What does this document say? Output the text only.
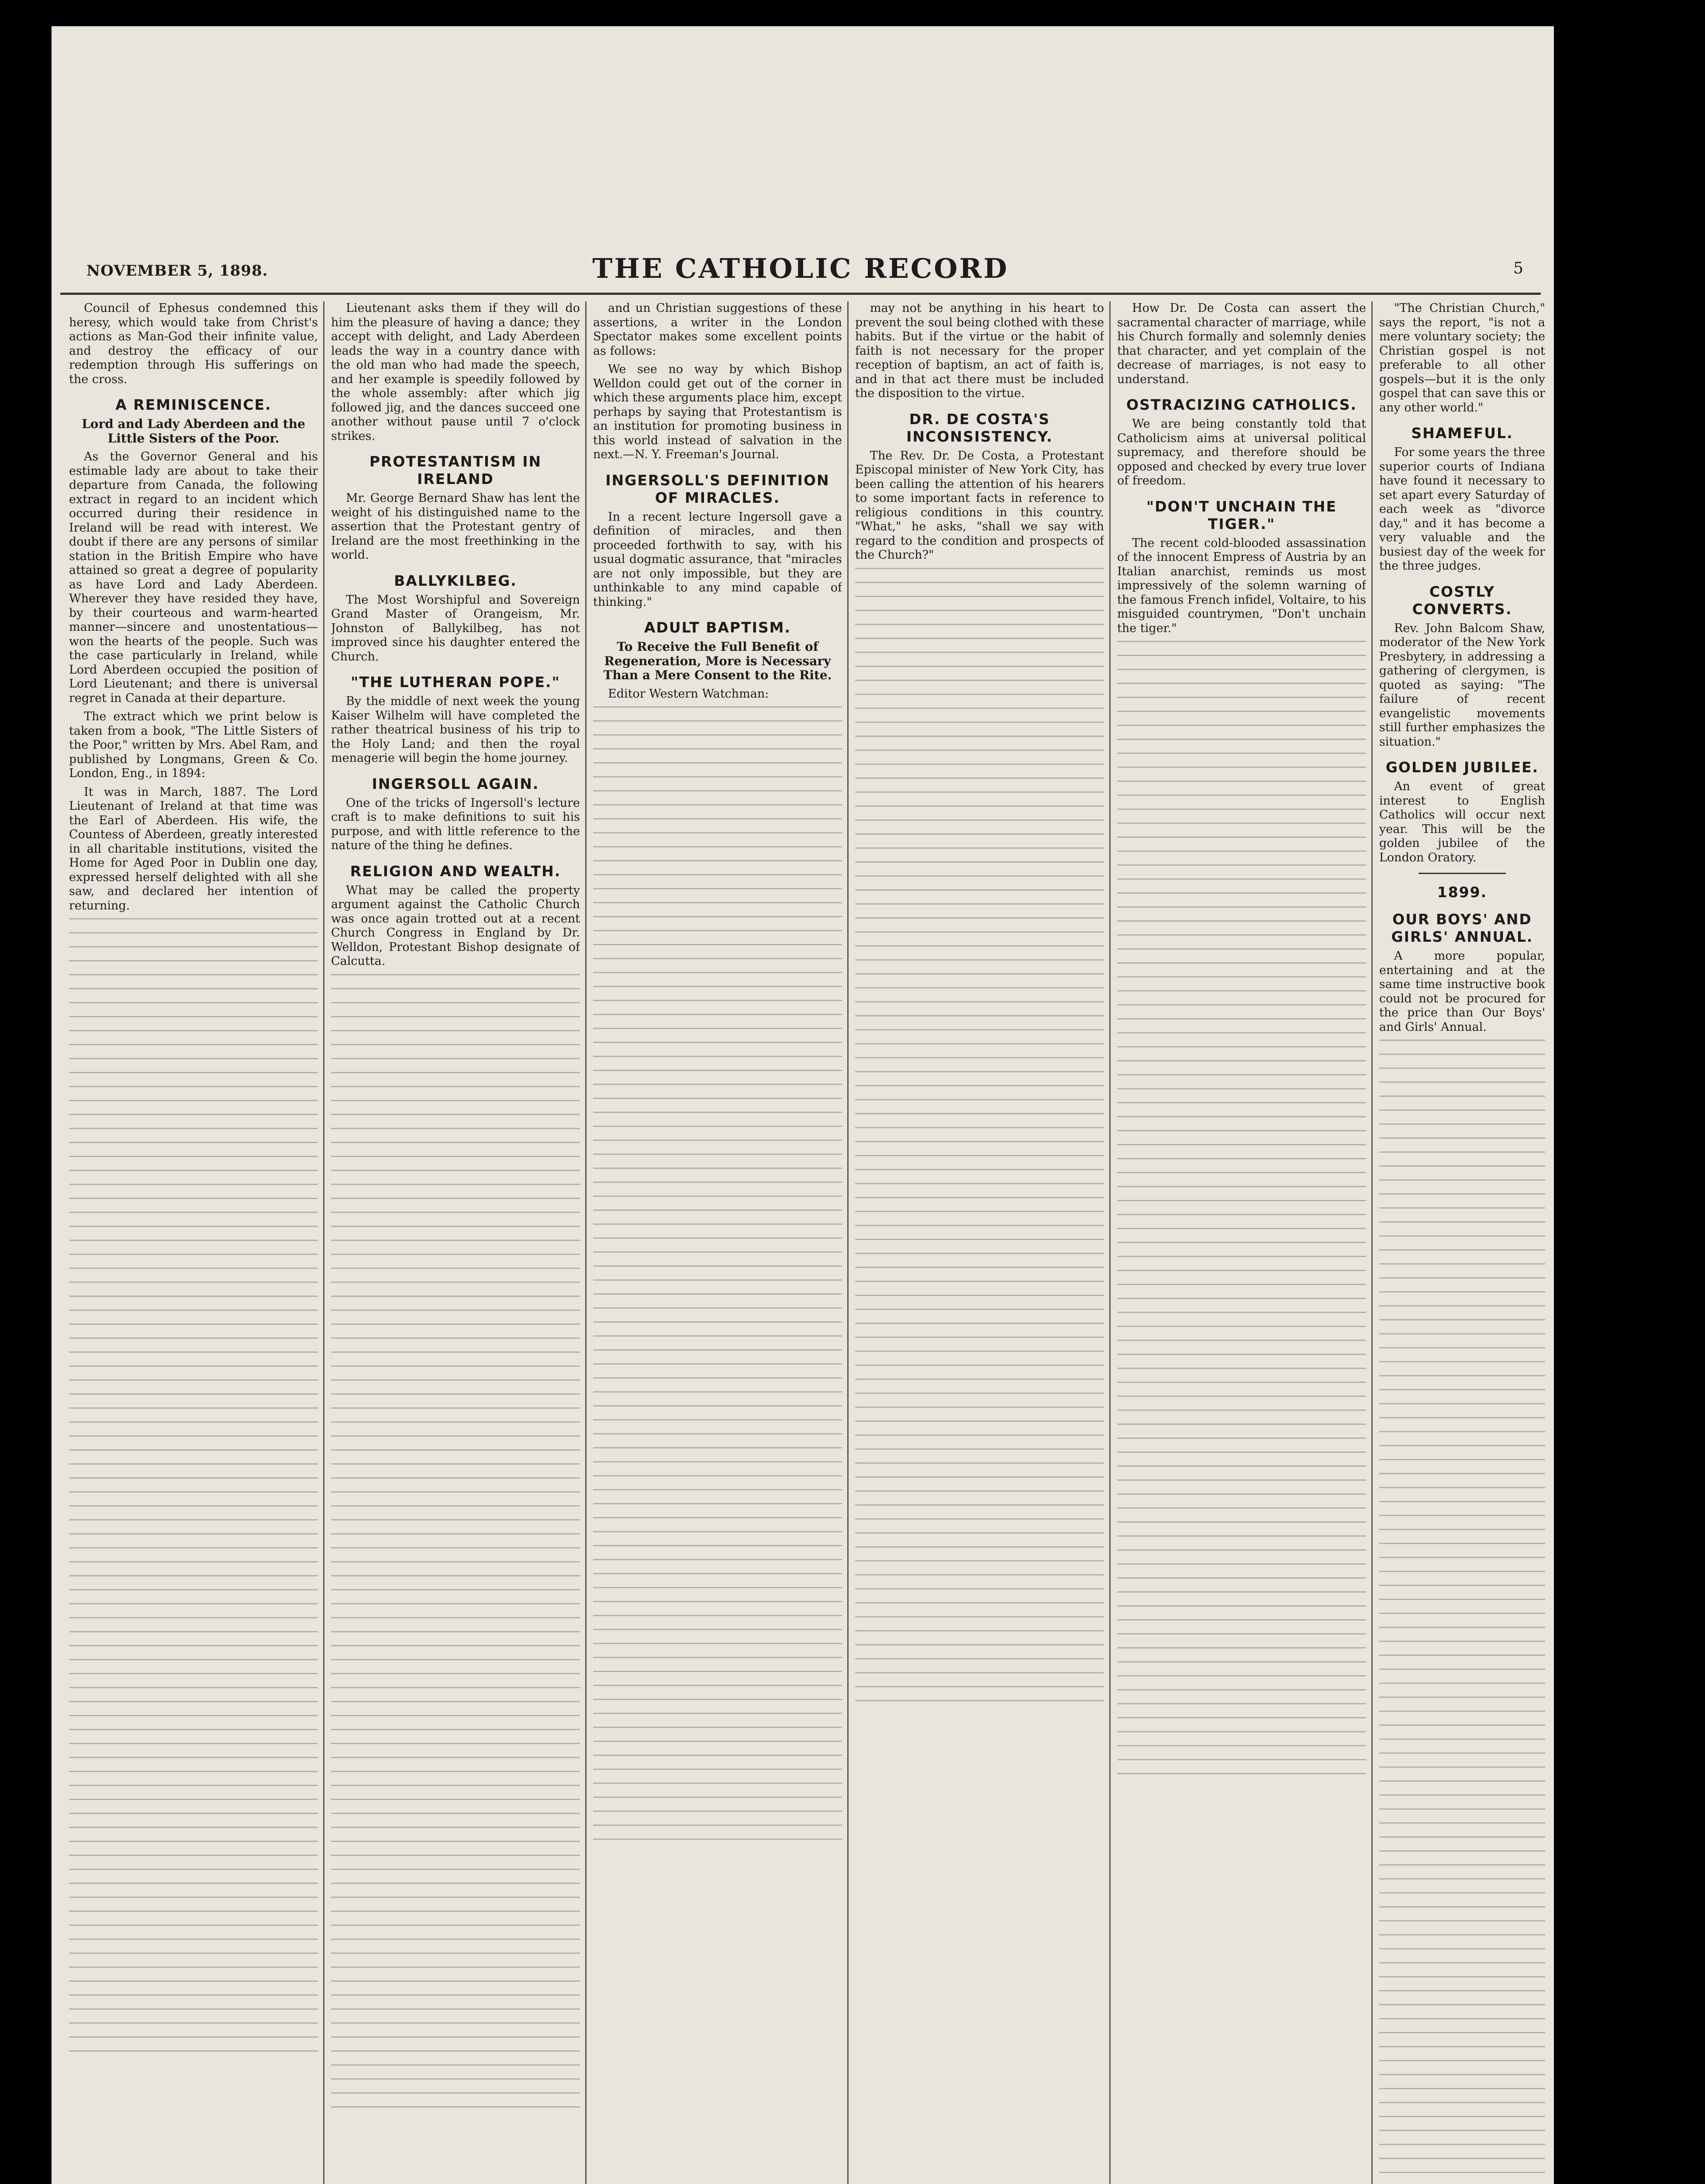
NOVEMBER 5, 1898.	THE CATHOLIC RECORD	5
Council of Ephesus condemned this heresy, which would take from Christ's actions as Man-God their infinite value, and destroy the efficacy of our redemption through His sufferings on the cross.
A REMINISCENCE.
Lord and Lady Aberdeen and the Little Sisters of the Poor.
As the Governor General and his estimable lady are about to take their departure from Canada, the following extract in regard to an incident which occurred during their residence in Ireland will be read with interest. We doubt if there are any persons of similar station in the British Empire who have attained so great a degree of popularity as have Lord and Lady Aberdeen. Wherever they have resided they have, by their courteous and warm-hearted manner—sincere and unostentatious—won the hearts of the people. Such was the case particularly in Ireland, while Lord Aberdeen occupied the position of Lord Lieutenant; and there is universal regret in Canada at their departure.
The extract which we print below is taken from a book, "The Little Sisters of the Poor," written by Mrs. Abel Ram, and published by Longmans, Green & Co. London, Eng., in 1894:
It was in March, 1887. The Lord Lieutenant of Ireland at that time was the Earl of Aberdeen. His wife, the Countess of Aberdeen, greatly interested in all charitable institutions, visited the Home for Aged Poor in Dublin one day, expressed herself delighted with all she saw, and declared her intention of returning.
Lieutenant asks them if they will do him the pleasure of having a dance; they accept with delight, and Lady Aberdeen leads the way in a country dance with the old man who had made the speech, and her example is speedily followed by the whole assembly: after which jig followed jig, and the dances succeed one another without pause until 7 o'clock strikes.
PROTESTANTISM IN IRELAND
Mr. George Bernard Shaw has lent the weight of his distinguished name to the assertion that the Protestant gentry of Ireland are the most freethinking in the world.
BALLYKILBEG.
The Most Worshipful and Sovereign Grand Master of Orangeism, Mr. Johnston of Ballykilbeg, has not improved since his daughter entered the Church.
"THE LUTHERAN POPE."
By the middle of next week the young Kaiser Wilhelm will have completed the rather theatrical business of his trip to the Holy Land; and then the royal menagerie will begin the home journey.
INGERSOLL AGAIN.
One of the tricks of Ingersoll's lecture craft is to make definitions to suit his purpose, and with little reference to the nature of the thing he defines.
RELIGION AND WEALTH.
What may be called the property argument against the Catholic Church was once again trotted out at a recent Church Congress in England by Dr. Welldon, Protestant Bishop designate of Calcutta.
and un Christian suggestions of these assertions, a writer in the London Spectator makes some excellent points as follows:
We see no way by which Bishop Welldon could get out of the corner in which these arguments place him, except perhaps by saying that Protestantism is an institution for promoting business in this world instead of salvation in the next.—N. Y. Freeman's Journal.
INGERSOLL'S DEFINITION OF MIRACLES.
In a recent lecture Ingersoll gave a definition of miracles, and then proceeded forthwith to say, with his usual dogmatic assurance, that "miracles are not only impossible, but they are unthinkable to any mind capable of thinking."
ADULT BAPTISM.
To Receive the Full Benefit of Regeneration, More is Necessary Than a Mere Consent to the Rite.
Editor Western Watchman:
may not be anything in his heart to prevent the soul being clothed with these habits. But if the virtue or the habit of faith is not necessary for the proper reception of baptism, an act of faith is, and in that act there must be included the disposition to the virtue.
DR. DE COSTA'S INCONSISTENCY.
The Rev. Dr. De Costa, a Protestant Episcopal minister of New York City, has been calling the attention of his hearers to some important facts in reference to religious conditions in this country. "What," he asks, "shall we say with regard to the condition and prospects of the Church?"
How Dr. De Costa can assert the sacramental character of marriage, while his Church formally and solemnly denies that character, and yet complain of the decrease of marriages, is not easy to understand.
OSTRACIZING CATHOLICS.
We are being constantly told that Catholicism aims at universal political supremacy, and therefore should be opposed and checked by every true lover of freedom.
"DON'T UNCHAIN THE TIGER."
The recent cold-blooded assassination of the innocent Empress of Austria by an Italian anarchist, reminds us most impressively of the solemn warning of the famous French infidel, Voltaire, to his misguided countrymen, "Don't unchain the tiger."
"The Christian Church," says the report, "is not a mere voluntary society; the Christian gospel is not preferable to all other gospels—but it is the only gospel that can save this or any other world."
SHAMEFUL.
For some years the three superior courts of Indiana have found it necessary to set apart every Saturday of each week as "divorce day," and it has become a very valuable and the busiest day of the week for the three judges.
COSTLY CONVERTS.
Rev. John Balcom Shaw, moderator of the New York Presbytery, in addressing a gathering of clergymen, is quoted as saying: "The failure of recent evangelistic movements still further emphasizes the situation."
GOLDEN JUBILEE.
An event of great interest to English Catholics will occur next year. This will be the golden jubilee of the London Oratory.
1899.
OUR BOYS' AND GIRLS' ANNUAL.
A more popular, entertaining and at the same time instructive book could not be procured for the price than Our Boys' and Girls' Annual.
